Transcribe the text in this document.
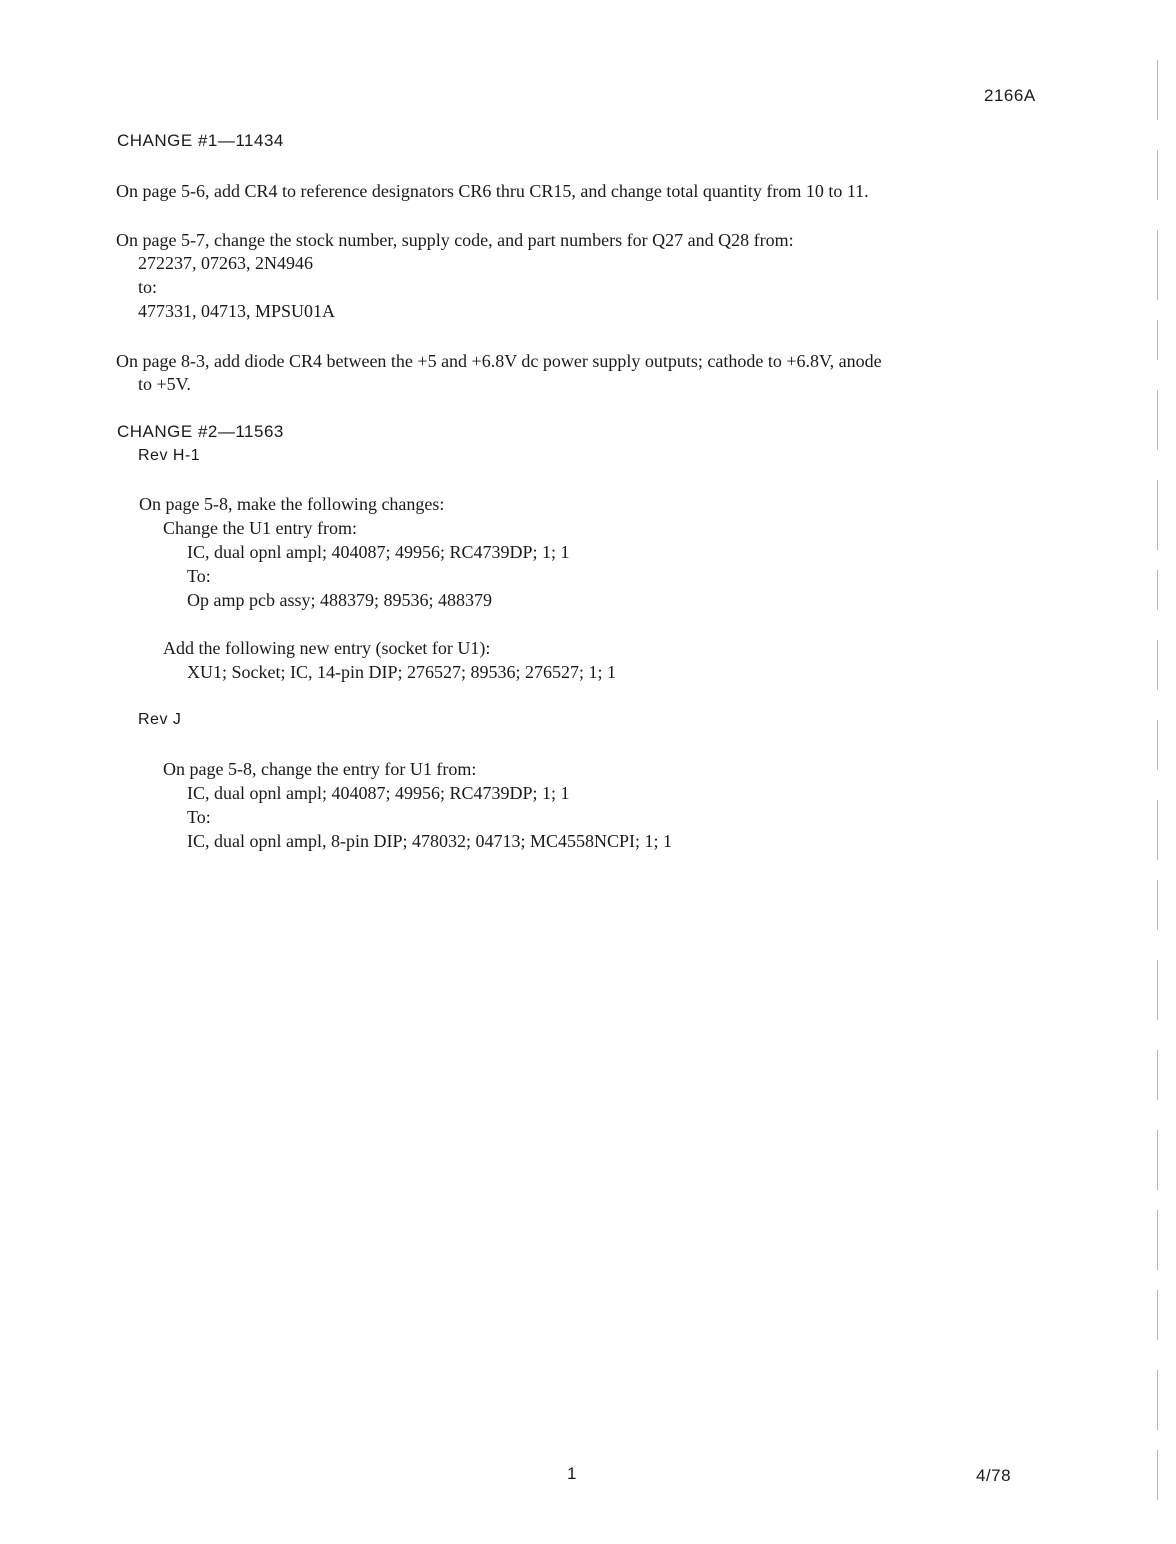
2166A
CHANGE #1—11434
On page 5-6, add CR4 to reference designators CR6 thru CR15, and change total quantity from 10 to 11.
On page 5-7, change the stock number, supply code, and part numbers for Q27 and Q28 from:
272237, 07263, 2N4946
to:
477331, 04713, MPSU01A
On page 8-3, add diode CR4 between the +5 and +6.8V dc power supply outputs; cathode to +6.8V, anode
to +5V.
CHANGE #2—11563
Rev H-1
On page 5-8, make the following changes:
Change the U1 entry from:
IC, dual opnl ampl; 404087; 49956; RC4739DP; 1; 1
To:
Op amp pcb assy; 488379; 89536; 488379
Add the following new entry (socket for U1):
XU1; Socket; IC, 14-pin DIP; 276527; 89536; 276527; 1; 1
Rev J
On page 5-8, change the entry for U1 from:
IC, dual opnl ampl; 404087; 49956; RC4739DP; 1; 1
To:
IC, dual opnl ampl, 8-pin DIP; 478032; 04713; MC4558NCPI; 1; 1
1	4/78
